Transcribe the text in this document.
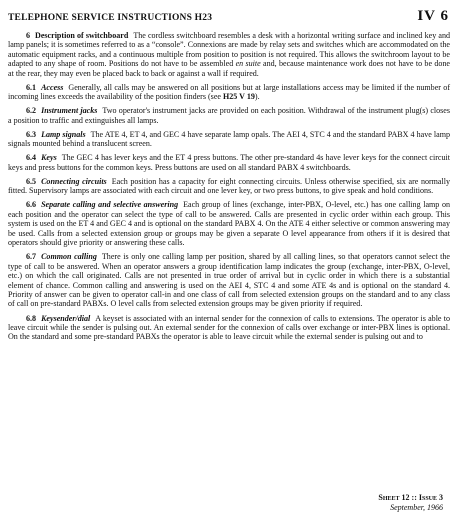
TELEPHONE SERVICE INSTRUCTIONS H23	IV 6

6 Description of switchboard The cordless switchboard resembles a desk with a horizontal writing surface and inclined key and lamp panels; it is sometimes referred to as a “console”. Connexions are made by relay sets and switches which are accommodated on the automatic equipment racks, and a continuous multiple from position to position is not required. This allows the switchroom layout to be adapted to any shape of room. Positions do not have to be assembled en suite and, because maintenance work does not have to be done at the rear, they may even be placed back to back or against a wall if required.

6.1 Access Generally, all calls may be answered on all positions but at large installations access may be limited if the number of incoming lines exceeds the availability of the position finders (see H25 V 19).

6.2 Instrument jacks Two operator's instrument jacks are provided on each position. Withdrawal of the instrument plug(s) closes a position to traffic and extinguishes all lamps.

6.3 Lamp signals The ATE 4, ET 4, and GEC 4 have separate lamp opals. The AEI 4, STC 4 and the standard PABX 4 have lamp signals mounted behind a translucent screen.

6.4 Keys The GEC 4 has lever keys and the ET 4 press buttons. The other pre-standard 4s have lever keys for the connect circuit keys and press buttons for the common keys. Press buttons are used on all standard PABX 4 switchboards.

6.5 Connecting circuits Each position has a capacity for eight connecting circuits. Unless otherwise specified, six are normally fitted. Supervisory lamps are associated with each circuit and one lever key, or two press buttons, to give speak and hold conditions.

6.6 Separate calling and selective answering Each group of lines (exchange, inter-PBX, O-level, etc.) has one calling lamp on each position and the operator can select the type of call to be answered. Calls are presented in cyclic order within each group. This system is used on the ET 4 and GEC 4 and is optional on the standard PABX 4. On the ATE 4 either selective or common answering may be used. Calls from a selected extension group or groups may be given a separate O level appearance from others if it is desired that operators should give priority or answering these calls.

6.7 Common calling There is only one calling lamp per position, shared by all calling lines, so that operators cannot select the type of call to be answered. When an operator answers a group identification lamp indicates the group (exchange, inter-PBX, O-level, etc.) on which the call originated. Calls are not presented in true order of arrival but in cyclic order in which there is a substantial element of chance. Common calling and answering is used on the AEI 4, STC 4 and some ATE 4s and is optional on the standard 4. Priority of answer can be given to operator call-in and one class of call from selected extension groups on the standard and to any class of call on pre-standard PABXs. O level calls from selected extension groups may be given priority if required.

6.8 Keysender/dial A keyset is associated with an internal sender for the connexion of calls to extensions. The operator is able to leave circuit while the sender is pulsing out. An external sender for the connexion of calls over exchange or inter-PBX lines is optional. On the standard and some pre-standard PABXs the operator is able to leave circuit while the external sender is pulsing out and to

Sheet 12 :: Issue 3
September, 1966
